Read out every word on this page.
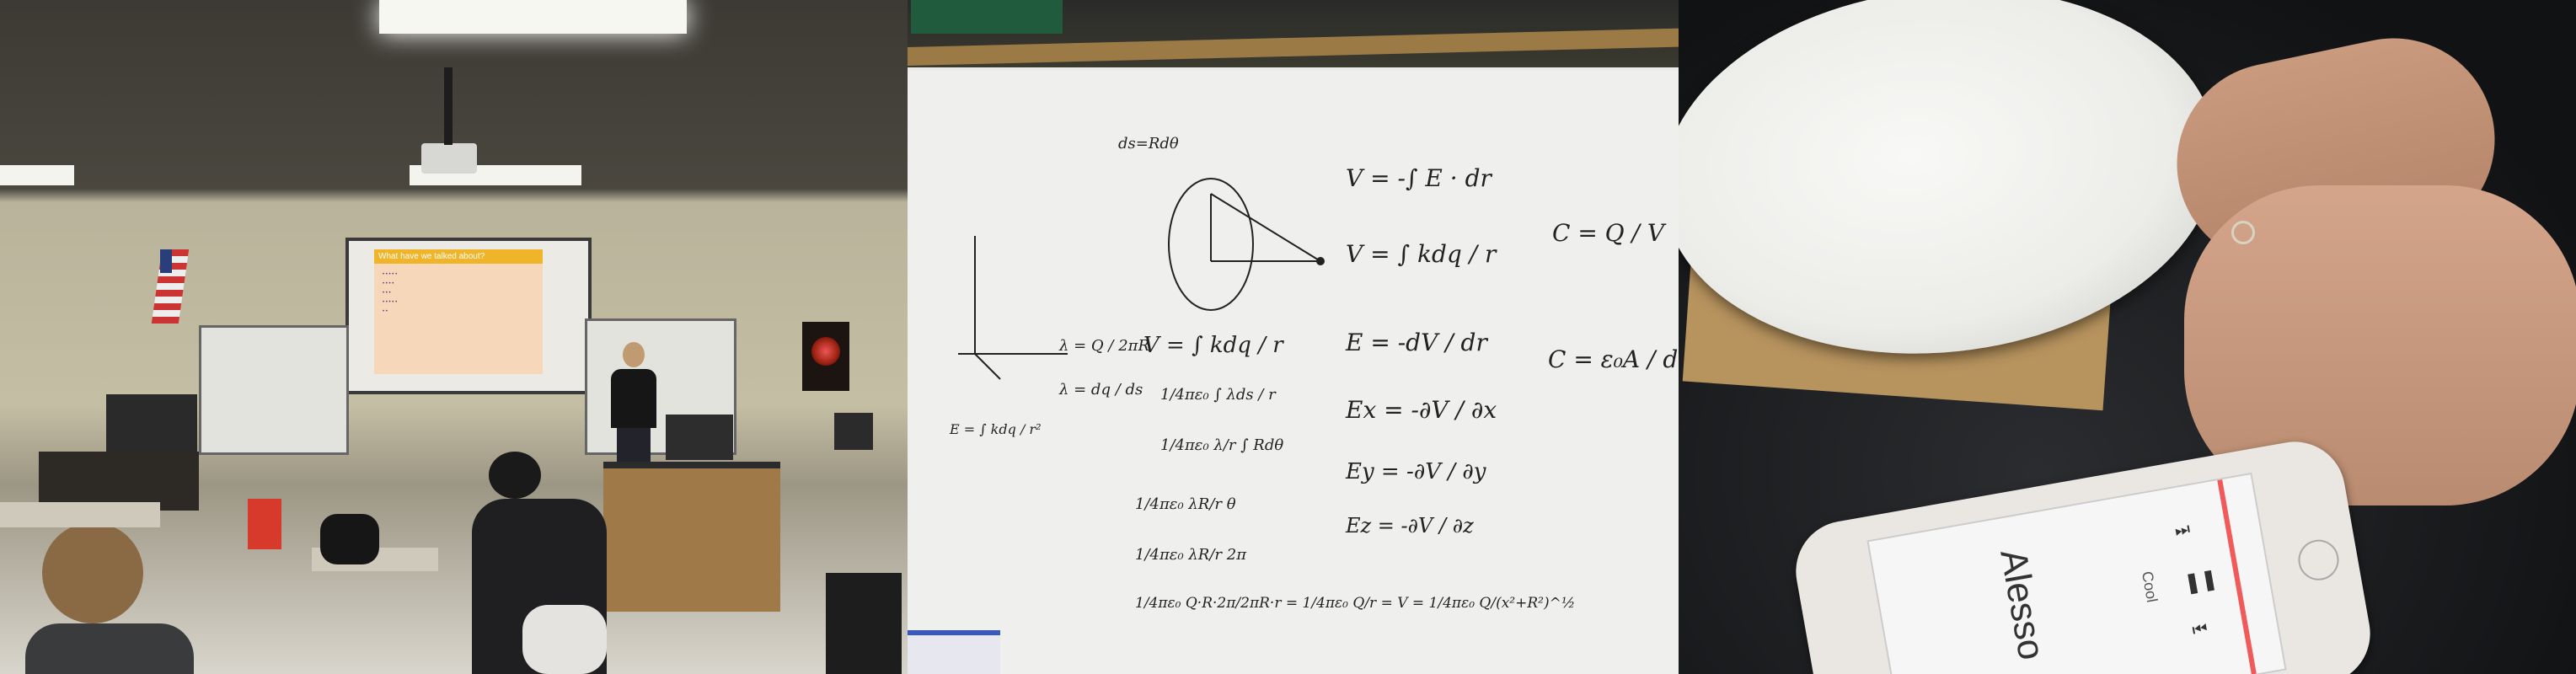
What have we talked about?
• • • • •
• • • •
• • •
• • • • •
• •
ds=Rdθ
λ = Q / 2πR
λ = dq / ds
E = ∫ kdq / r²
V = ∫ kdq / r
1/4πε₀ ∫ λds / r
1/4πε₀ λ/r ∫ Rdθ
1/4πε₀ λR/r θ
1/4πε₀ λR/r 2π
1/4πε₀ Q·R·2π/2πR·r = 1/4πε₀ Q/r = V = 1/4πε₀ Q/(x²+R²)^½
V = -∫ E · dr
V = ∫ kdq / r
E = -dV / dr
Ex = -∂V / ∂x
Ey = -∂V / ∂y
Ez = -∂V / ∂z
C = Q / V
C = ε₀A / d
Alesso	Cool ❚❚
⏭
⏮
